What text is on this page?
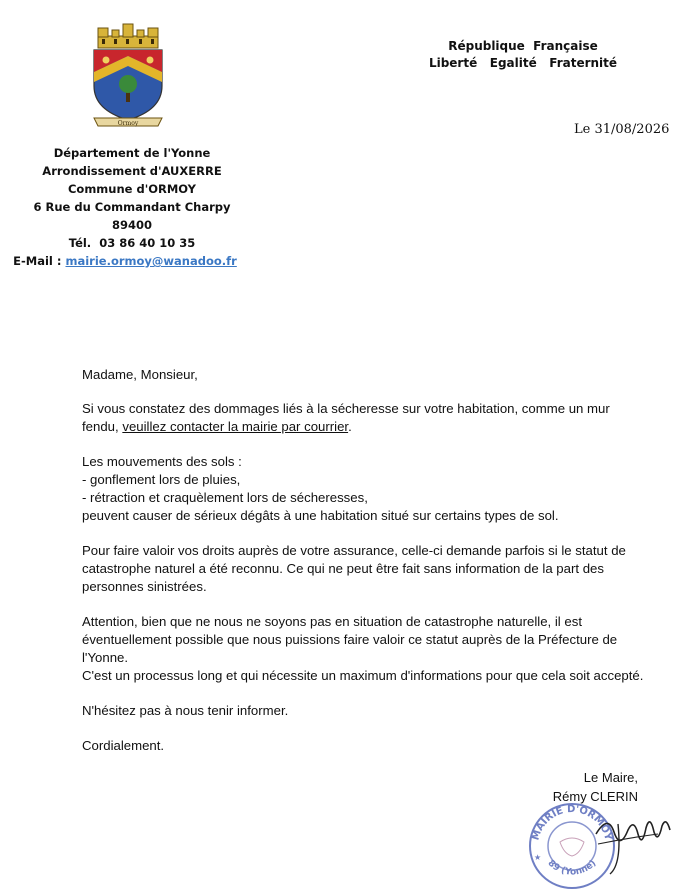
Ormoy
République  Française
Liberté   Egalité   Fraternité
Le 31/08/2026
Département de l'Yonne
Arrondissement d'AUXERRE
Commune d'ORMOY
6 Rue du Commandant Charpy
89400
Tél. 03 86 40 10 35
E-Mail : mairie.ormoy@wanadoo.fr
Madame, Monsieur,
Si vous constatez des dommages liés à la sécheresse sur votre habitation, comme un mur fendu, veuillez contacter la mairie par courrier.
Les mouvements des sols :
- gonflement lors de pluies,
- rétraction et craquèlement lors de sécheresses,
peuvent causer de sérieux dégâts à une habitation situé sur certains types de sol.
Pour faire valoir vos droits auprès de votre assurance, celle-ci demande parfois si le statut de catastrophe naturel a été reconnu. Ce qui ne peut être fait sans information de la part des personnes sinistrées.
Attention, bien que ne nous ne soyons pas en situation de catastrophe naturelle, il est éventuellement possible que nous puissions faire valoir ce statut auprès de la Préfecture de l'Yonne.
C'est un processus long et qui nécessite un maximum d'informations pour que cela soit accepté.
N'hésitez pas à nous tenir informer.
Cordialement.
Le Maire,
Rémy CLERIN
MAIRIE D'ORMOY
89 (Yonne)
★
